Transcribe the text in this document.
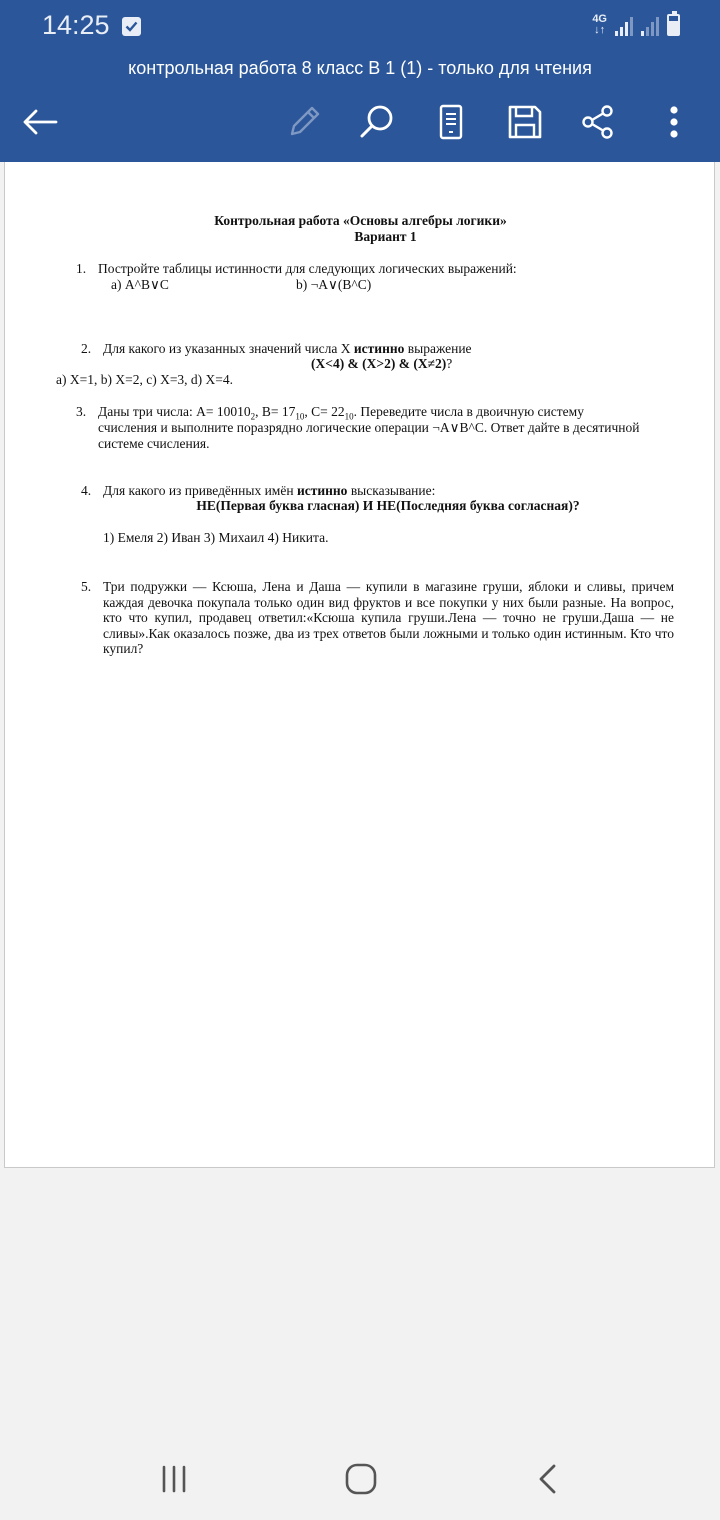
14:25	4G
↓↑
контрольная работа 8 класс В 1 (1) - только для чтения
Контрольная работа «Основы алгебры логики»
Вариант 1
1. Постройте таблицы истинности для следующих логических выражений:
а) A^B∨C	b) ¬A∨(B^C)
2. Для какого из указанных значений числа X истинно выражение
(X<4) & (X>2) & (X≠2)?
а) X=1, b) X=2, c) X=3, d) X=4.
3. Даны три числа: $A= 10010_2$, $B= 17_{10}$, $C= 22_{10}$. Переведите числа в двоичную систему
счисления и выполните поразрядно логические операции ¬A∨B^C. Ответ дайте в десятичной
системе счисления.
4. Для какого из приведённых имён истинно высказывание:
НЕ(Первая буква гласная) И НЕ(Последняя буква согласная)?
1) Емеля 2) Иван 3) Михаил 4) Никита.
5. Три подружки — Ксюша, Лена и Даша — купили в магазине груши, яблоки и сливы, причем каждая девочка покупала только один вид фруктов и все покупки у них были разные. На вопрос, кто что купил, продавец ответил:«Ксюша купила груши.Лена — точно не груши.Даша — не сливы».Как оказалось позже, два из трех ответов были ложными и только один истинным. Кто что купил?
